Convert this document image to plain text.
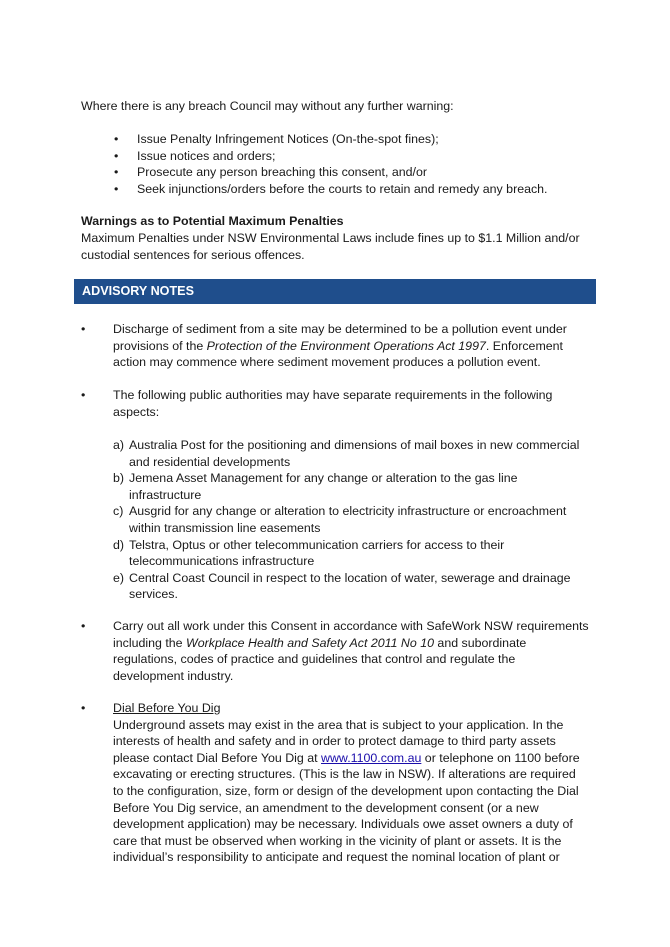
Where there is any breach Council may without any further warning:
•	Issue Penalty Infringement Notices (On-the-spot fines);
•	Issue notices and orders;
•	Prosecute any person breaching this consent, and/or
•	Seek injunctions/orders before the courts to retain and remedy any breach.
Warnings as to Potential Maximum Penalties
Maximum Penalties under NSW Environmental Laws include fines up to $1.1 Million and/or custodial sentences for serious offences.
ADVISORY NOTES
• Discharge of sediment from a site may be determined to be a pollution event under provisions of the Protection of the Environment Operations Act 1997. Enforcement action may commence where sediment movement produces a pollution event.
• The following public authorities may have separate requirements in the following aspects:
a) Australia Post for the positioning and dimensions of mail boxes in new commercial and residential developments
b) Jemena Asset Management for any change or alteration to the gas line infrastructure
c) Ausgrid for any change or alteration to electricity infrastructure or encroachment within transmission line easements
d) Telstra, Optus or other telecommunication carriers for access to their telecommunications infrastructure
e) Central Coast Council in respect to the location of water, sewerage and drainage services.
• Carry out all work under this Consent in accordance with SafeWork NSW requirements including the Workplace Health and Safety Act 2011 No 10 and subordinate regulations, codes of practice and guidelines that control and regulate the development industry.
• Dial Before You Dig
Underground assets may exist in the area that is subject to your application. In the interests of health and safety and in order to protect damage to third party assets please contact Dial Before You Dig at www.1100.com.au or telephone on 1100 before excavating or erecting structures. (This is the law in NSW). If alterations are required to the configuration, size, form or design of the development upon contacting the Dial Before You Dig service, an amendment to the development consent (or a new development application) may be necessary. Individuals owe asset owners a duty of care that must be observed when working in the vicinity of plant or assets. It is the individual’s responsibility to anticipate and request the nominal location of plant or
